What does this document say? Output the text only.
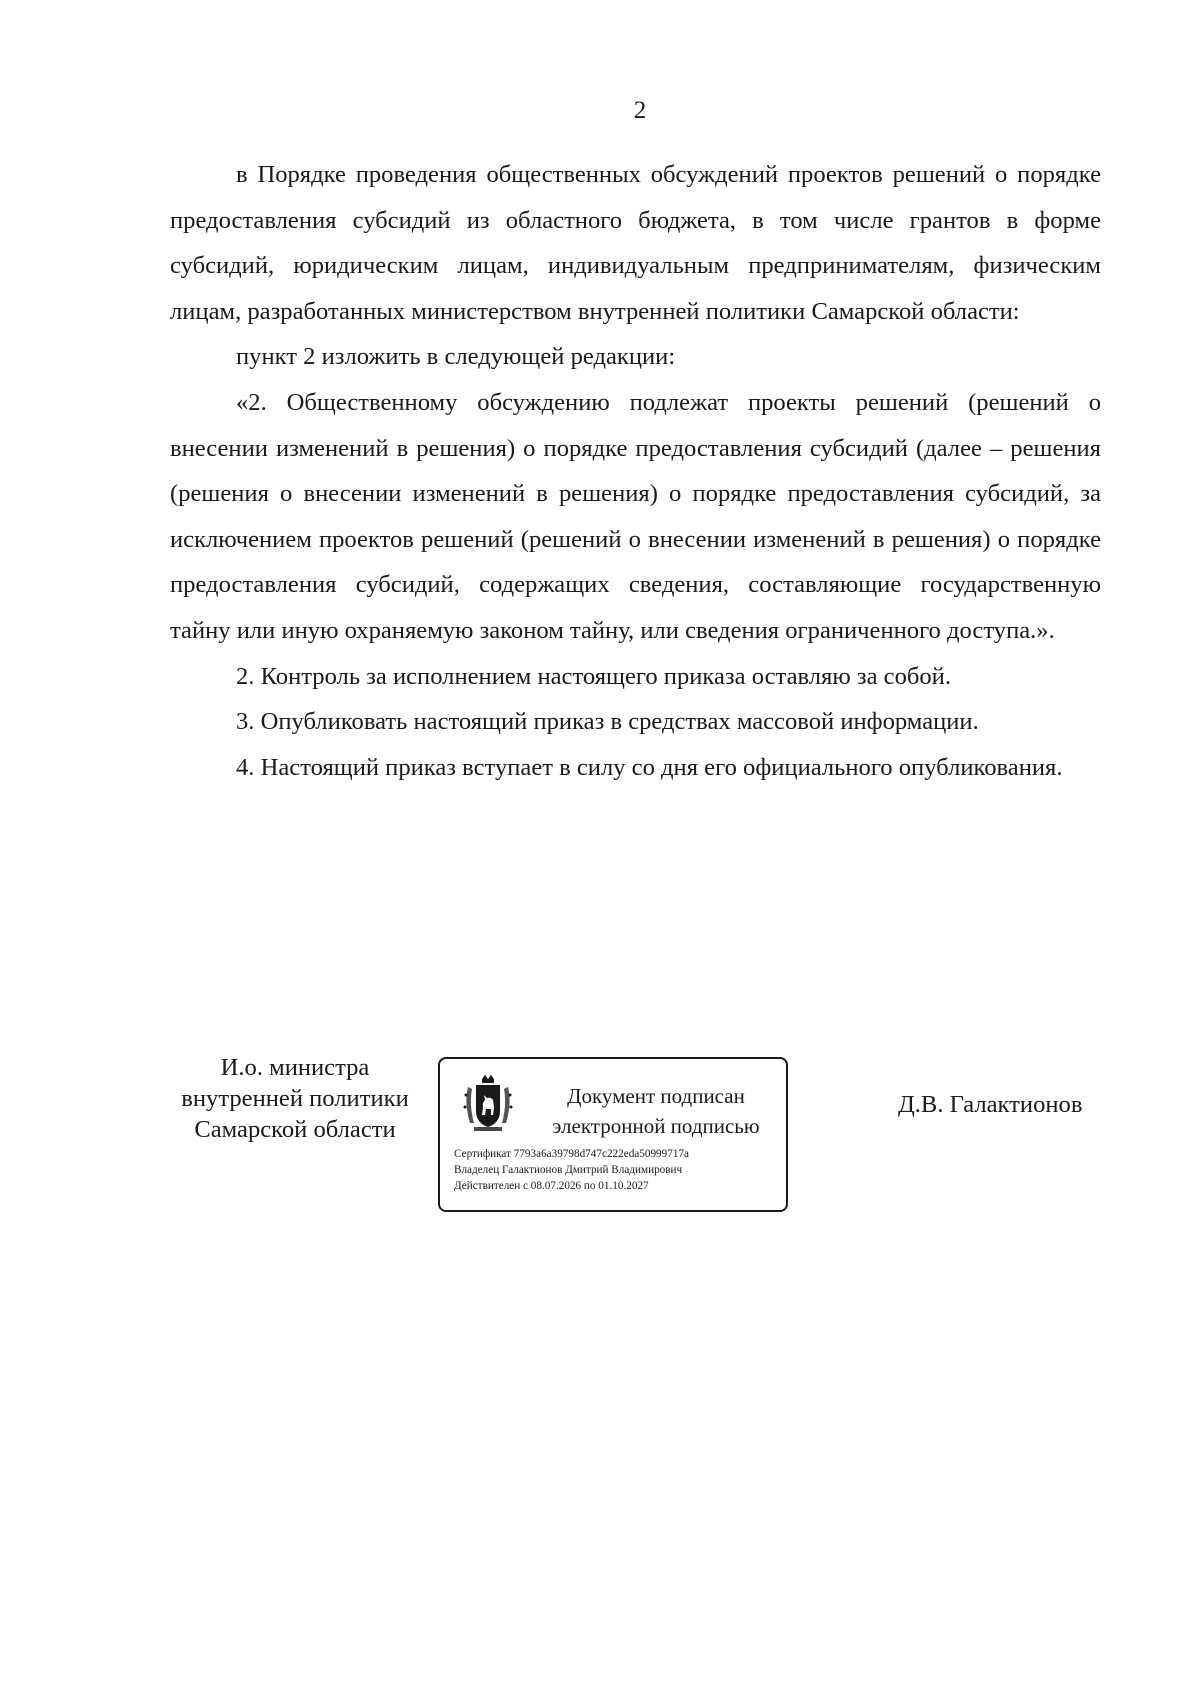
2

в Порядке проведения общественных обсуждений проектов решений о порядке предоставления субсидий из областного бюджета, в том числе грантов в форме субсидий, юридическим лицам, индивидуальным предпринимателям, физическим лицам, разработанных министерством внутренней политики Самарской области:

пункт 2 изложить в следующей редакции:

«2. Общественному обсуждению подлежат проекты решений (решений о внесении изменений в решения) о порядке предоставления субсидий (далее – решения (решения о внесении изменений в решения) о порядке предоставления субсидий, за исключением проектов решений (решений о внесении изменений в решения) о порядке предоставления субсидий, содержащих сведения, составляющие государственную тайну или иную охраняемую законом тайну, или сведения ограниченного доступа.».

2. Контроль за исполнением настоящего приказа оставляю за собой.

3. Опубликовать настоящий приказ в средствах массовой информации.

4. Настоящий приказ вступает в силу со дня его официального опубликования.

И.о. министра
внутренней политики
Самарской области
Документ подписан
электронной подписью
Сертификат 7793a6a39798d747c222eda50999717a
Владелец Галактионов Дмитрий Владимирович
Действителен с 08.07.2026 по 01.10.2027
Д.В. Галактионов
